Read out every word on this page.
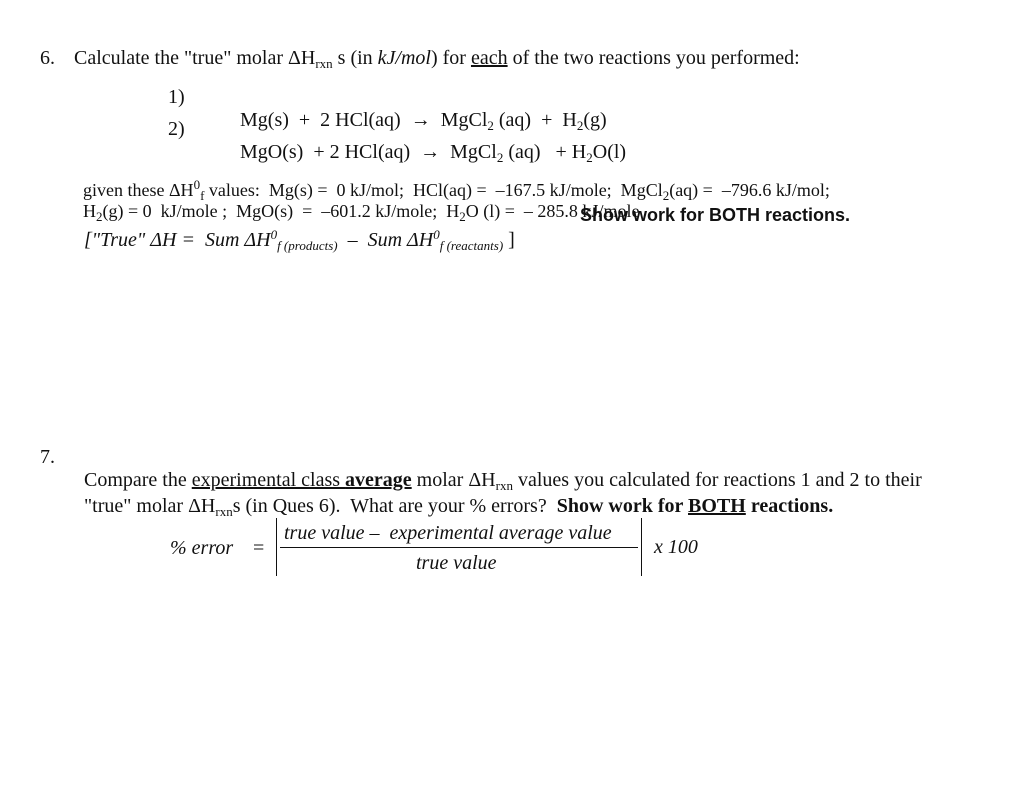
6. Calculate the "true" molar $\Delta H_{rxn}$ s (in kJ/mol) for each of the two reactions you performed:
1)

Mg(s)  +  2 HCl(aq)  →  MgCl$_2$ $(aq) + H_2(g)$

2)

MgO(s)  + 2 HCl(aq)  →  MgCl$_2$ $(aq) + H_2O(l)$

given these $\Delta H^0_f$ values:  Mg(s) =  0 kJ/mol;  HCl(aq) =  –167.5 kJ/mole;  MgCl$_2$(aq) =  –796.6 kJ/mol;

$H_2(g) = 0$  kJ/mole ;  MgO(s)  =  –601.2 kJ/mole;  $H_2O$ (l) =  – 285.8 kJ/mole

["True" ΔH =  Sum $\Delta H^0_{f (products)}$  –  Sum $\Delta H^0_{f (reactants)}$ ]

Show work for BOTH reactions.
7.

Compare the experimental class average molar $\Delta H_{rxn}$ values you calculated for reactions 1 and 2 to their

"true" molar $\Delta H_{rxn}s$ (in Ques 6).  What are your % errors?  Show work for BOTH reactions.

% error =
true value –  experimental average value
true value
x 100
